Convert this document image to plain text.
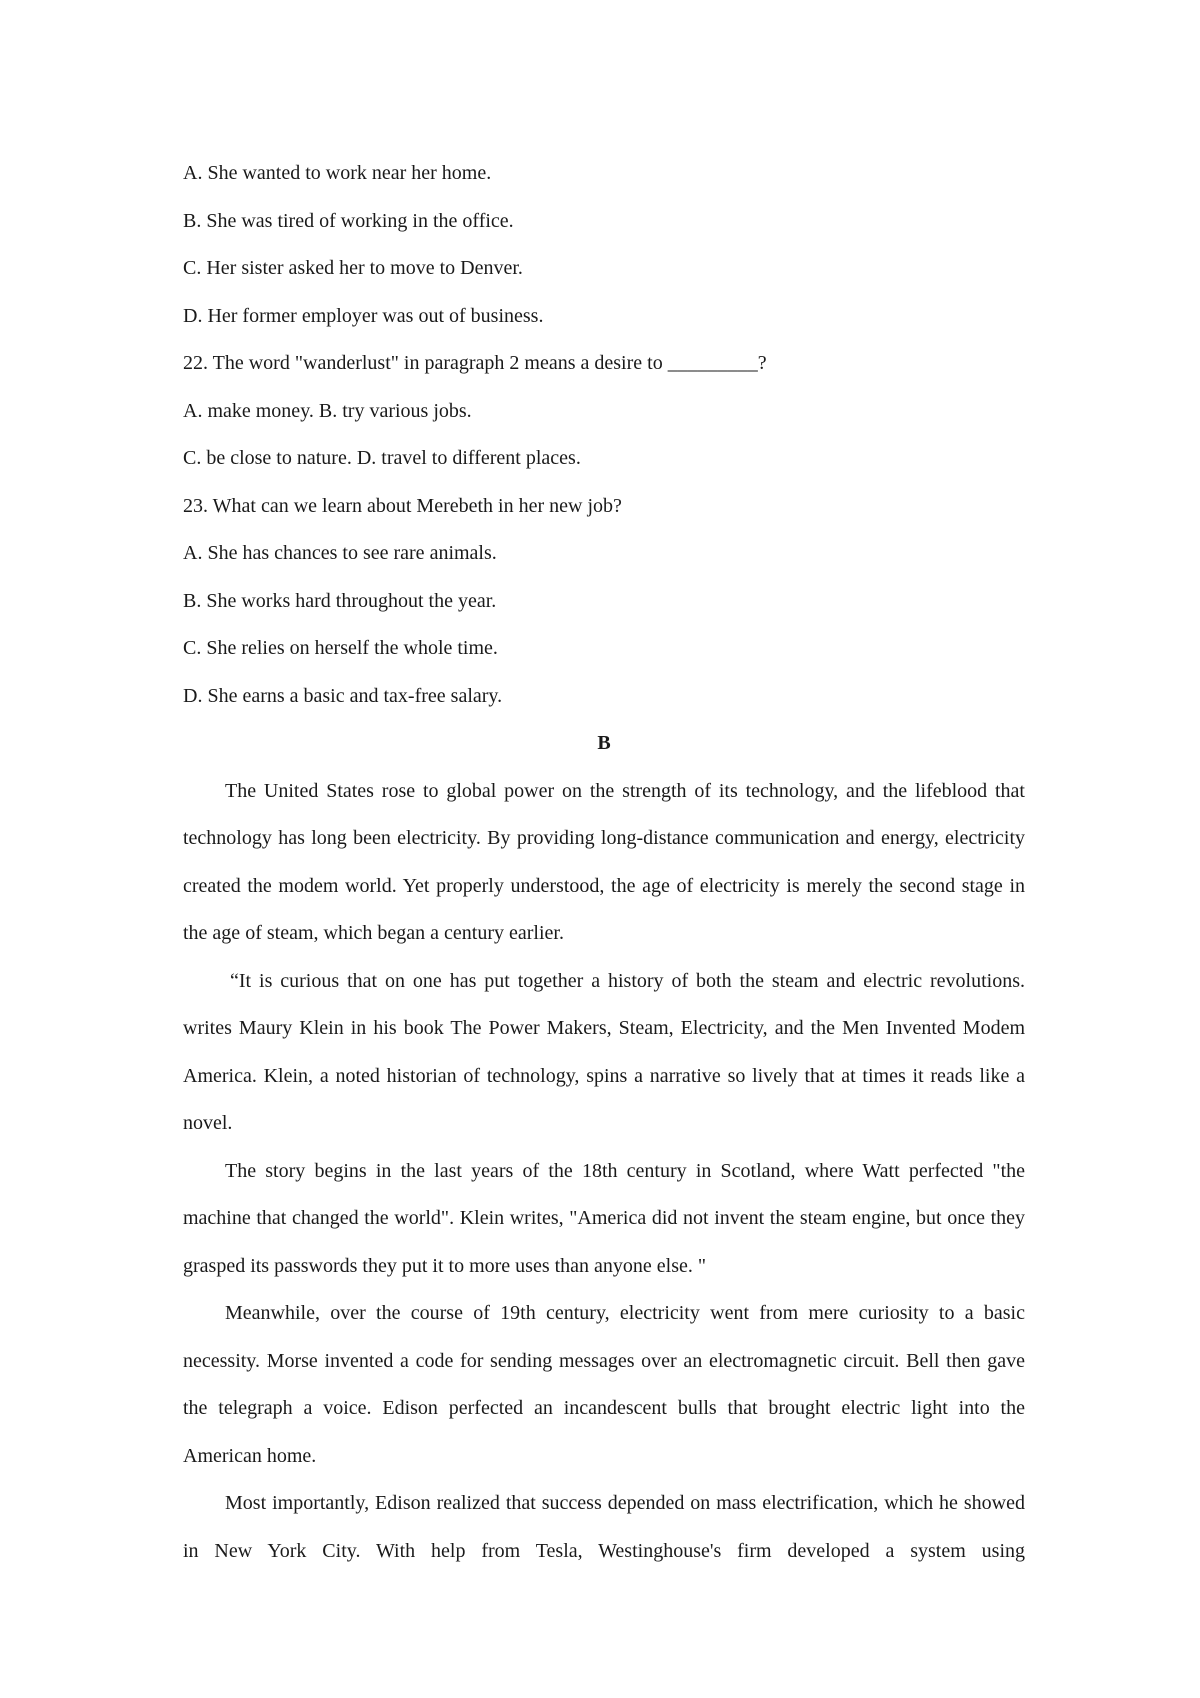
A. She wanted to work near her home.
B. She was tired of working in the office.
C. Her sister asked her to move to Denver.
D. Her former employer was out of business.
22. The word "wanderlust" in paragraph 2 means a desire to _________?
A. make money. B. try various jobs.
C. be close to nature. D. travel to different places.
23. What can we learn about Merebeth in her new job?
A. She has chances to see rare animals.
B. She works hard throughout the year.
C. She relies on herself the whole time.
D. She earns a basic and tax-free salary.
B

The United States rose to global power on the strength of its technology, and the lifeblood that technology has long been electricity. By providing long-distance communication and energy, electricity created the modem world. Yet properly understood, the age of electricity is merely the second stage in the age of steam, which began a century earlier.

“It is curious that on one has put together a history of both the steam and electric revolutions. writes Maury Klein in his book The Power Makers, Steam, Electricity, and the Men Invented Modem America. Klein, a noted historian of technology, spins a narrative so lively that at times it reads like a novel.

The story begins in the last years of the 18th century in Scotland, where Watt perfected "the machine that changed the world". Klein writes, "America did not invent the steam engine, but once they grasped its passwords they put it to more uses than anyone else. "

Meanwhile, over the course of 19th century, electricity went from mere curiosity to a basic necessity. Morse invented a code for sending messages over an electromagnetic circuit. Bell then gave the telegraph a voice. Edison perfected an incandescent bulls that brought electric light into the American home.

Most importantly, Edison realized that success depended on mass electrification, which he showed in New York City. With help from Tesla, Westinghouse's firm developed a system using
